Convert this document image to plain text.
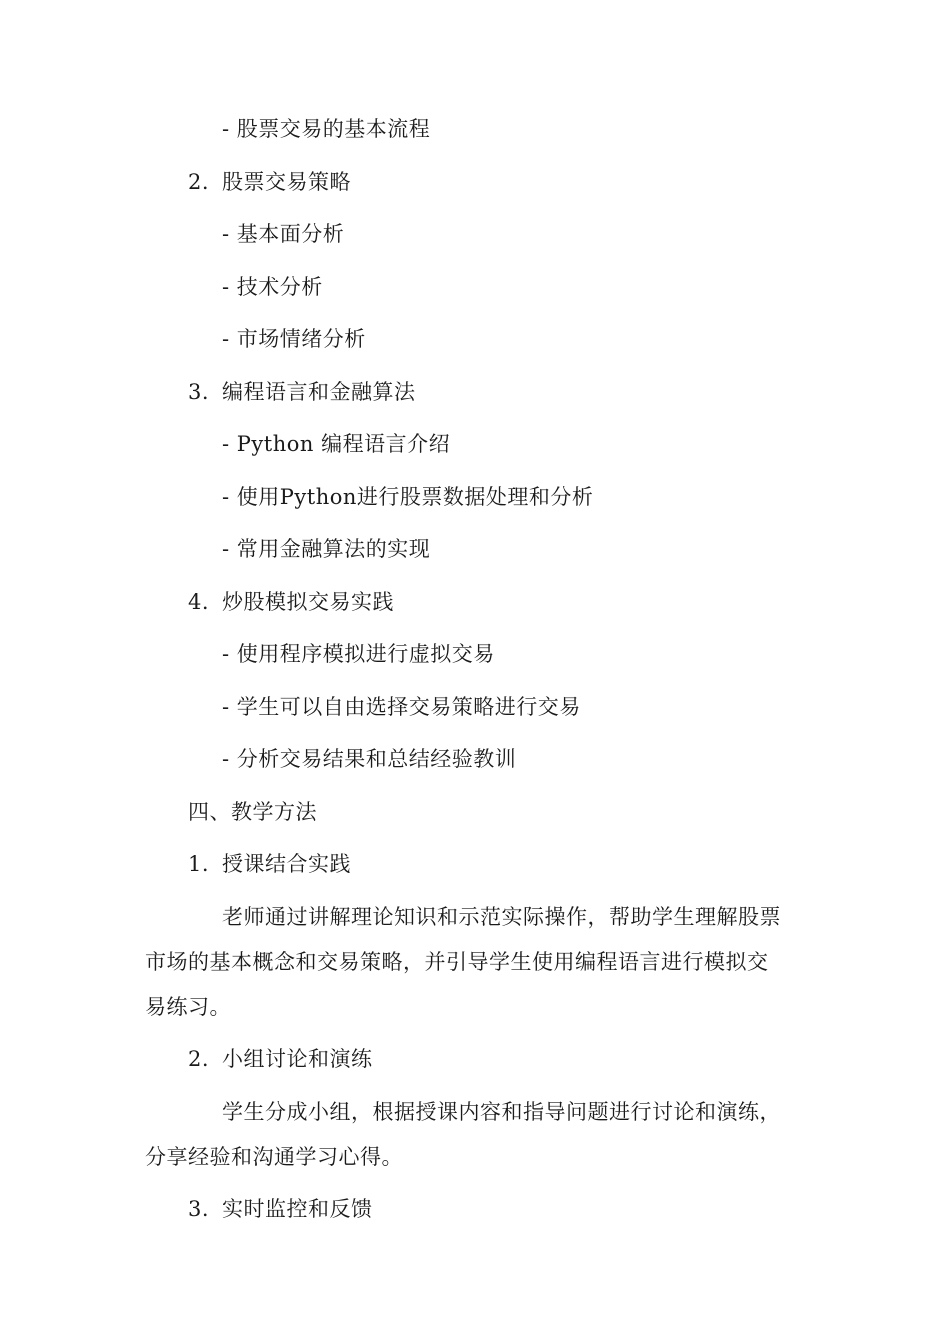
- 股票交易的基本流程
2. 股票交易策略
- 基本面分析
- 技术分析
- 市场情绪分析
3. 编程语言和金融算法
- Python 编程语言介绍
- 使用Python进行股票数据处理和分析
- 常用金融算法的实现
4. 炒股模拟交易实践
- 使用程序模拟进行虚拟交易
- 学生可以自由选择交易策略进行交易
- 分析交易结果和总结经验教训
四、教学方法
1. 授课结合实践
老师通过讲解理论知识和示范实际操作，帮助学生理解股票
市场的基本概念和交易策略，并引导学生使用编程语言进行模拟交
易练习。
2. 小组讨论和演练
学生分成小组，根据授课内容和指导问题进行讨论和演练，
分享经验和沟通学习心得。
3. 实时监控和反馈
